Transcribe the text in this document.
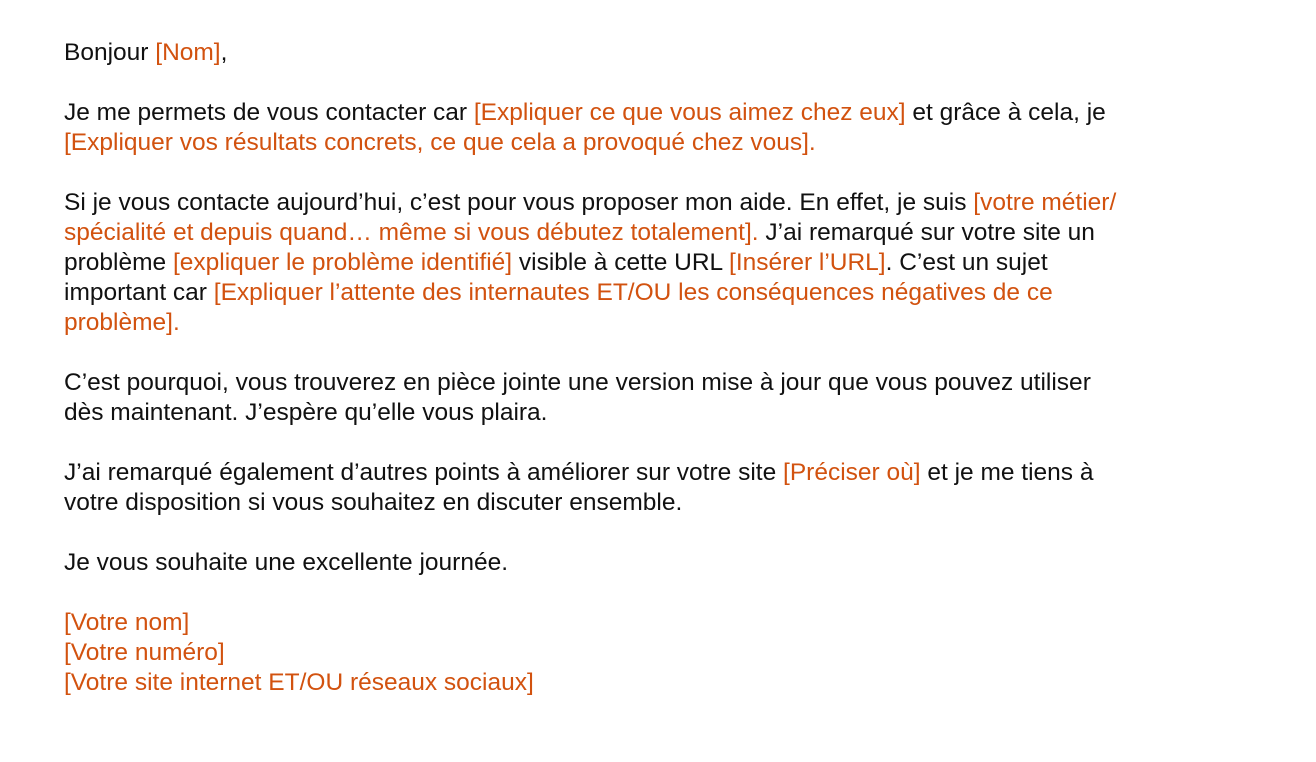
Bonjour [Nom],

Je me permets de vous contacter car [Expliquer ce que vous aimez chez eux] et grâce à cela, je
[Expliquer vos résultats concrets, ce que cela a provoqué chez vous].

Si je vous contacte aujourd’hui, c’est pour vous proposer mon aide. En effet, je suis [votre métier/
spécialité et depuis quand… même si vous débutez totalement]. J’ai remarqué sur votre site un
problème [expliquer le problème identifié] visible à cette URL [Insérer l’URL]. C’est un sujet
important car [Expliquer l’attente des internautes ET/OU les conséquences négatives de ce
problème].

C’est pourquoi, vous trouverez en pièce jointe une version mise à jour que vous pouvez utiliser
dès maintenant. J’espère qu’elle vous plaira.

J’ai remarqué également d’autres points à améliorer sur votre site [Préciser où] et je me tiens à
votre disposition si vous souhaitez en discuter ensemble.

Je vous souhaite une excellente journée.

[Votre nom]
[Votre numéro]
[Votre site internet ET/OU réseaux sociaux]
